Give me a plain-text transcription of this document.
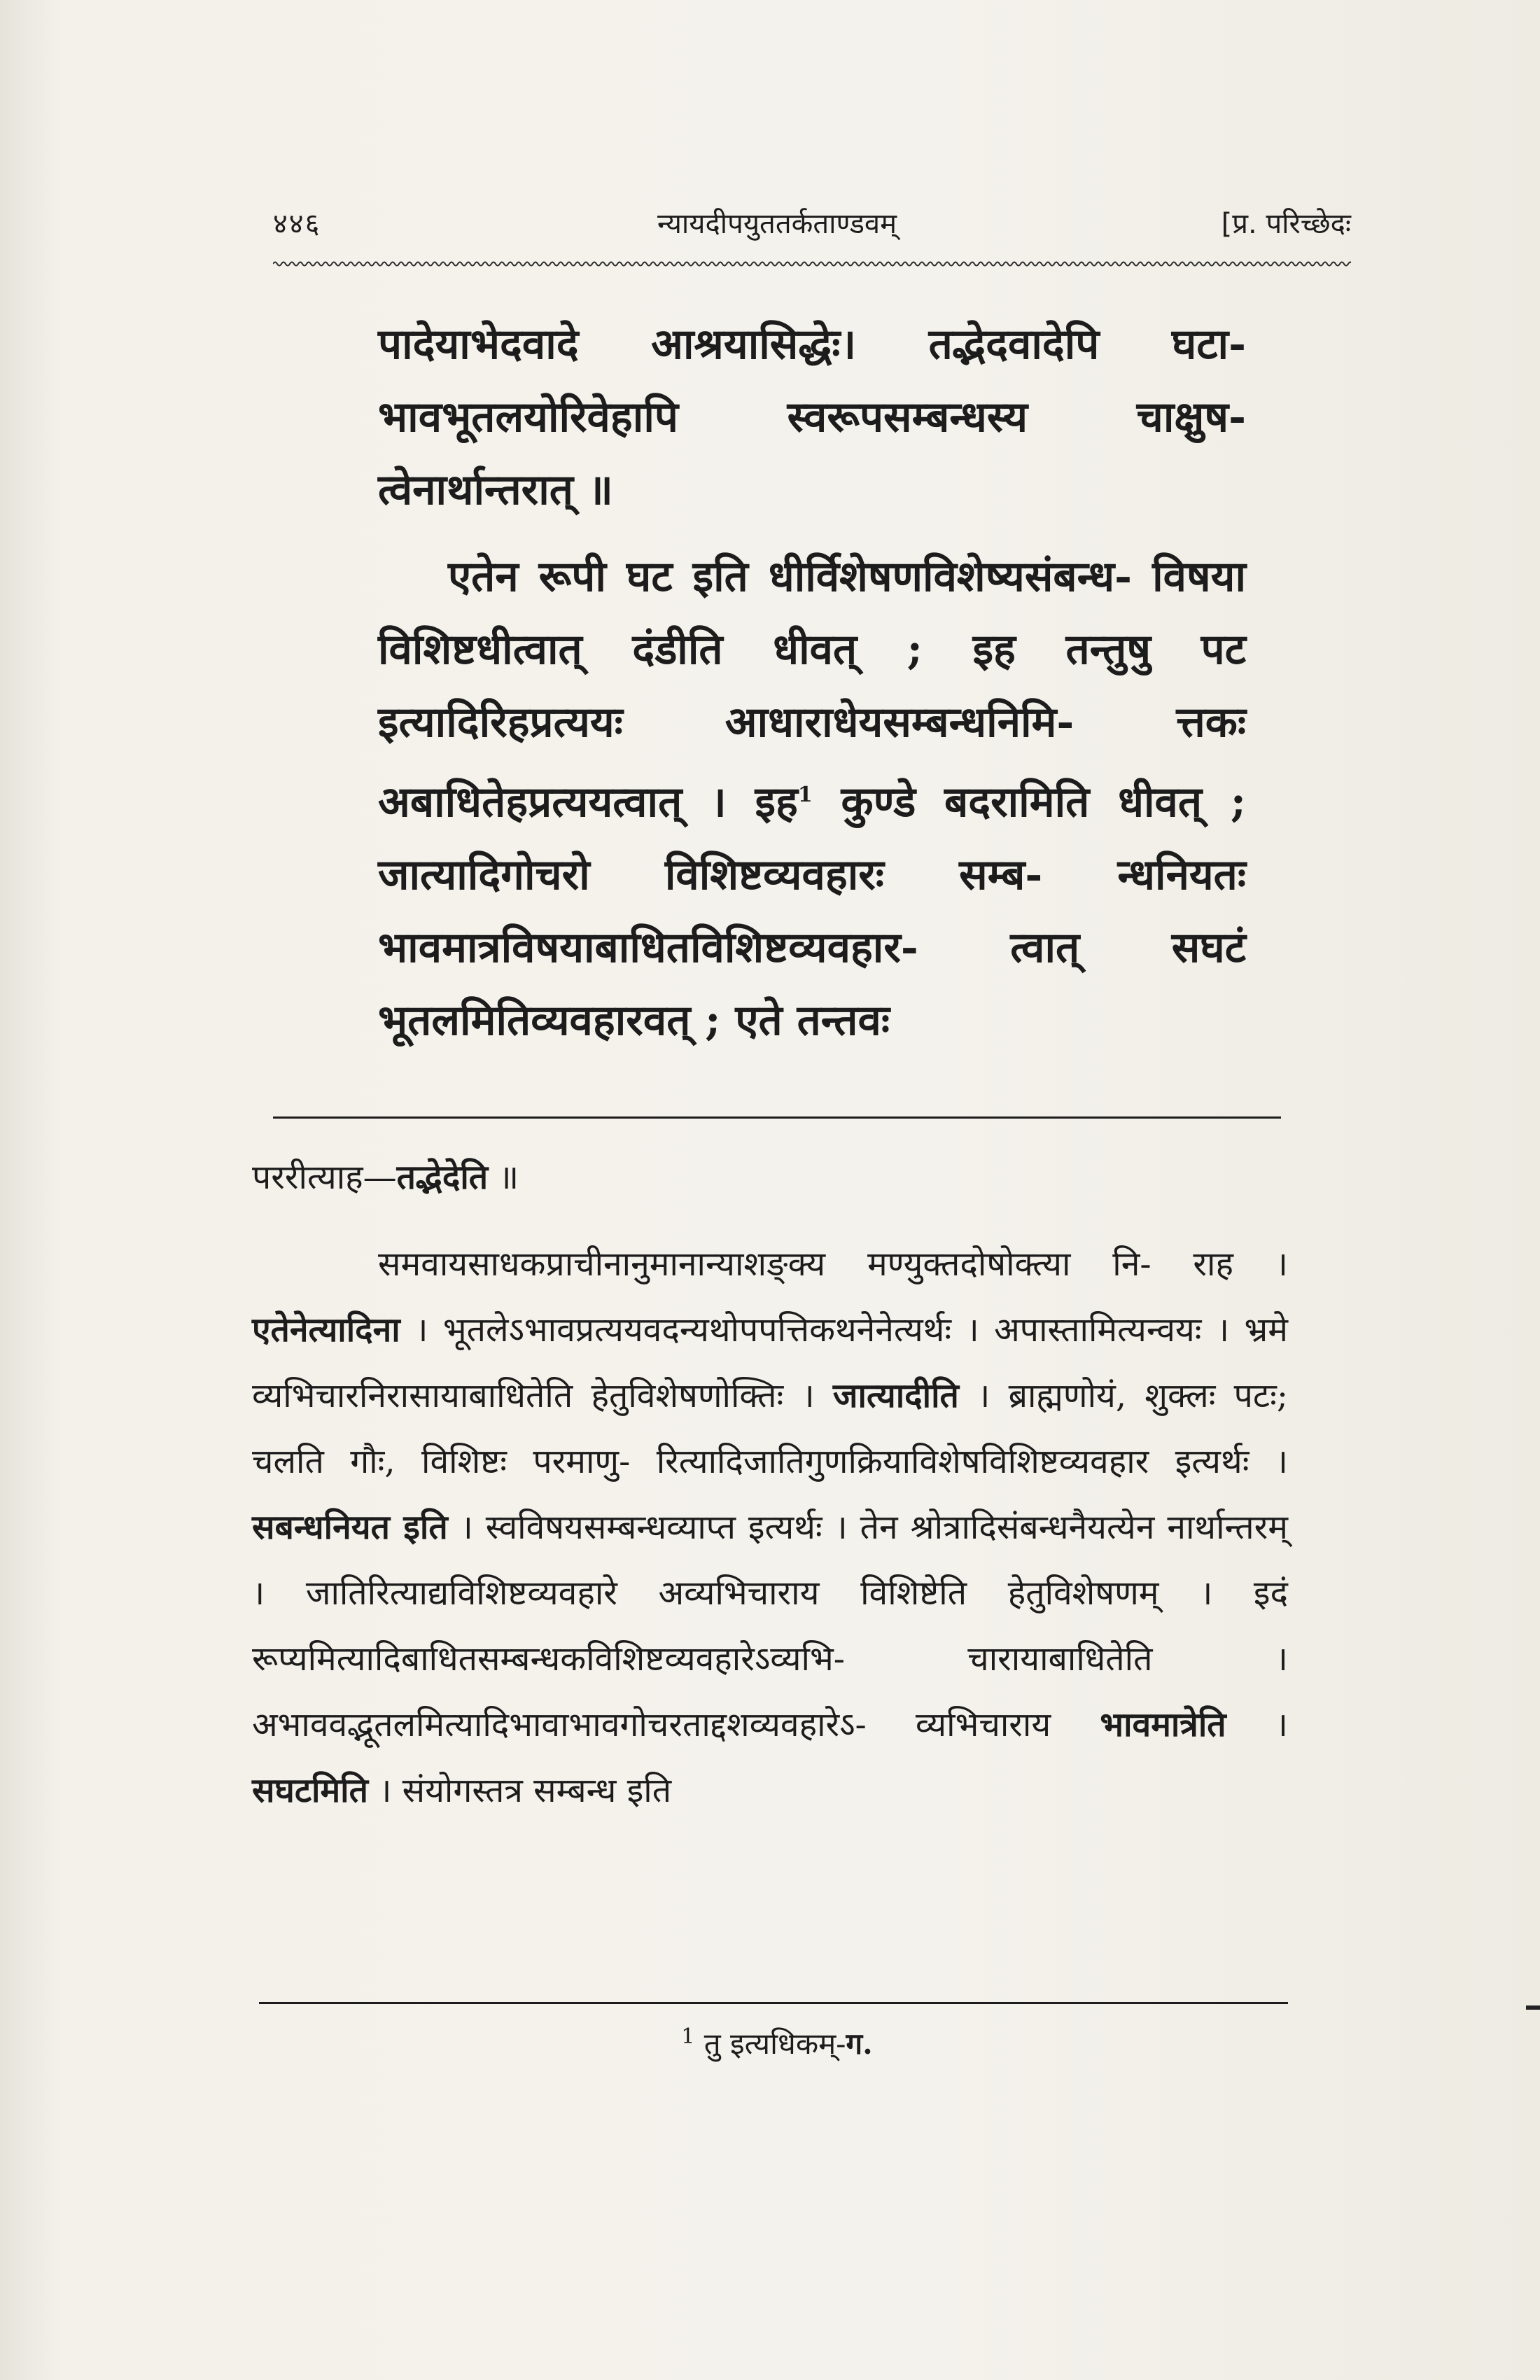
४४६	न्यायदीपयुततर्कताण्डवम्	[प्र. परिच्छेदः

पादेयाभेदवादे आश्रयासिद्धेः। तद्भेदवादेपि घटा- भावभूतलयोरिवेहापि स्वरूपसम्बन्धस्य चाक्षुष- त्वेनार्थान्तरात् ॥

एतेन रूपी घट इति धीर्विशेषणविशेष्यसंबन्ध- विषया विशिष्टधीत्वात् दंडीति धीवत् ; इह तन्तुषु पट इत्यादिरिहप्रत्ययः आधाराधेयसम्बन्धनिमि- त्तकः अबाधितेहप्रत्ययत्वात् । इह$^1$ कुण्डे बदरामिति धीवत् ; जात्यादिगोचरो विशिष्टव्यवहारः सम्ब- न्धनियतः भावमात्रविषयाबाधितविशिष्टव्यवहार- त्वात् सघटं भूतलमितिव्यवहारवत् ; एते तन्तवः

पररीत्याह—तद्भेदेति ॥

समवायसाधकप्राचीनानुमानान्याशङ्क्य मण्युक्तदोषोक्त्या नि- राह । एतेनेत्यादिना । भूतलेऽभावप्रत्ययवदन्यथोपपत्तिकथनेनेत्यर्थः । अपास्तामित्यन्वयः । भ्रमे व्यभिचारनिरासायाबाधितेति हेतुविशेषणोक्तिः । जात्यादीति । ब्राह्मणोयं, शुक्लः पटः; चलति गौः, विशिष्टः परमाणु- रित्यादिजातिगुणक्रियाविशेषविशिष्टव्यवहार इत्यर्थः । सबन्धनियत इति । स्वविषयसम्बन्धव्याप्त इत्यर्थः । तेन श्रोत्रादिसंबन्धनैयत्येन नार्थान्तरम् । जातिरित्याद्यविशिष्टव्यवहारे अव्यभिचाराय विशिष्टेति हेतुविशेषणम् । इदं रूप्यमित्यादिबाधितसम्बन्धकविशिष्टव्यवहारेऽव्यभि- चारायाबाधितेति । अभाववद्भूतलमित्यादिभावाभावगोचरताद्दशव्यवहारेऽ- व्यभिचाराय भावमात्रेति । सघटमिति । संयोगस्तत्र सम्बन्ध इति

$^1$ तु इत्यधिकम्-ग.
